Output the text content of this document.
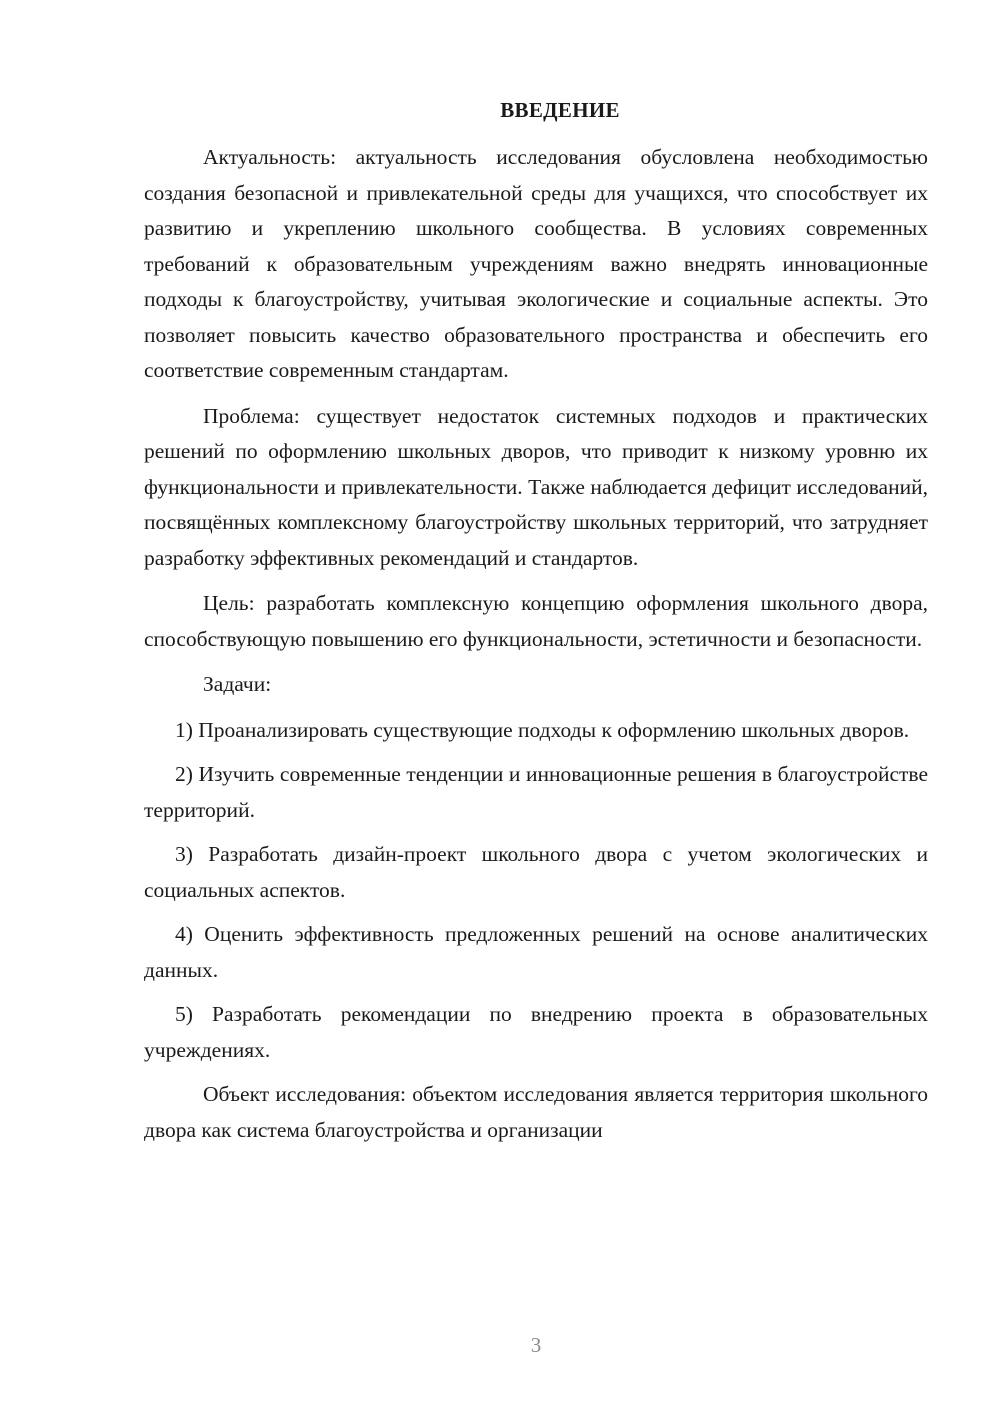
ВВЕДЕНИЕ

Актуальность: актуальность исследования обусловлена необходимостью создания безопасной и привлекательной среды для учащихся, что способствует их развитию и укреплению школьного сообщества. В условиях современных требований к образовательным учреждениям важно внедрять инновационные подходы к благоустройству, учитывая экологические и социальные аспекты. Это позволяет повысить качество образовательного пространства и обеспечить его соответствие современным стандартам.

Проблема: существует недостаток системных подходов и практических решений по оформлению школьных дворов, что приводит к низкому уровню их функциональности и привлекательности. Также наблюдается дефицит исследований, посвящённых комплексному благоустройству школьных территорий, что затрудняет разработку эффективных рекомендаций и стандартов.

Цель: разработать комплексную концепцию оформления школьного двора, способствующую повышению его функциональности, эстетичности и безопасности.

Задачи:

1) Проанализировать существующие подходы к оформлению школьных дворов.

2) Изучить современные тенденции и инновационные решения в благоустройстве территорий.

3) Разработать дизайн-проект школьного двора с учетом экологических и социальных аспектов.

4) Оценить эффективность предложенных решений на основе аналитических данных.

5) Разработать рекомендации по внедрению проекта в образовательных учреждениях.

Объект исследования: объектом исследования является территория школьного двора как система благоустройства и организации

3
